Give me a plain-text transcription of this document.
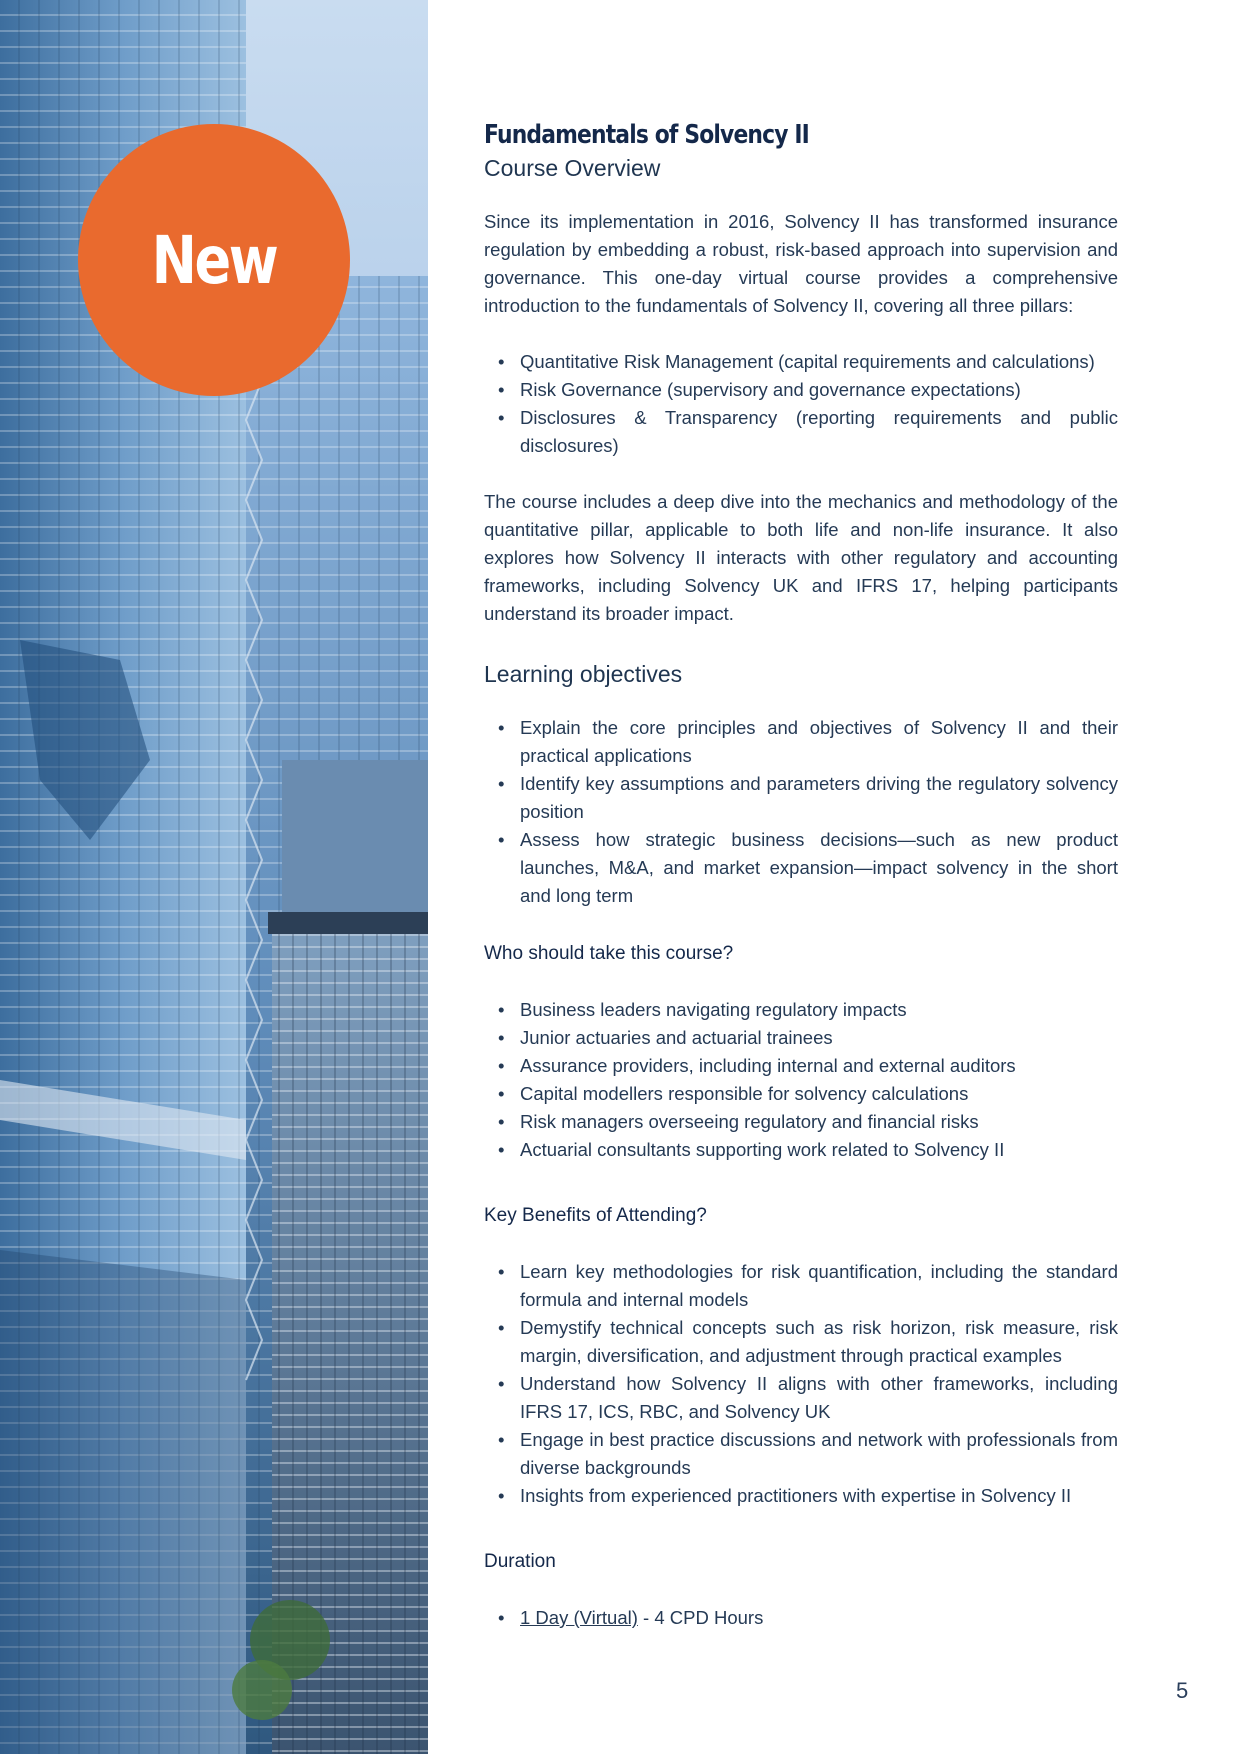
New
Fundamentals of Solvency II
Course Overview

Since its implementation in 2016, Solvency II has transformed insurance regulation by embedding a robust, risk-based approach into supervision and governance. This one-day virtual course provides a comprehensive introduction to the fundamentals of Solvency II, covering all three pillars:

• Quantitative Risk Management (capital requirements and calculations)
• Risk Governance (supervisory and governance expectations)
• Disclosures & Transparency (reporting requirements and public disclosures)

The course includes a deep dive into the mechanics and methodology of the quantitative pillar, applicable to both life and non-life insurance. It also explores how Solvency II interacts with other regulatory and accounting frameworks, including Solvency UK and IFRS 17, helping participants understand its broader impact.

Learning objectives
• Explain the core principles and objectives of Solvency II and their practical applications
• Identify key assumptions and parameters driving the regulatory solvency position
• Assess how strategic business decisions—such as new product launches, M&A, and market expansion—impact solvency in the short and long term
Who should take this course?
• Business leaders navigating regulatory impacts
• Junior actuaries and actuarial trainees
• Assurance providers, including internal and external auditors
• Capital modellers responsible for solvency calculations
• Risk managers overseeing regulatory and financial risks
• Actuarial consultants supporting work related to Solvency II
Key Benefits of Attending?
• Learn key methodologies for risk quantification, including the standard formula and internal models
• Demystify technical concepts such as risk horizon, risk measure, risk margin, diversification, and adjustment through practical examples
• Understand how Solvency II aligns with other frameworks, including IFRS 17, ICS, RBC, and Solvency UK
• Engage in best practice discussions and network with professionals from diverse backgrounds
• Insights from experienced practitioners with expertise in Solvency II
Duration
• 1 Day (Virtual) - 4 CPD Hours
5
